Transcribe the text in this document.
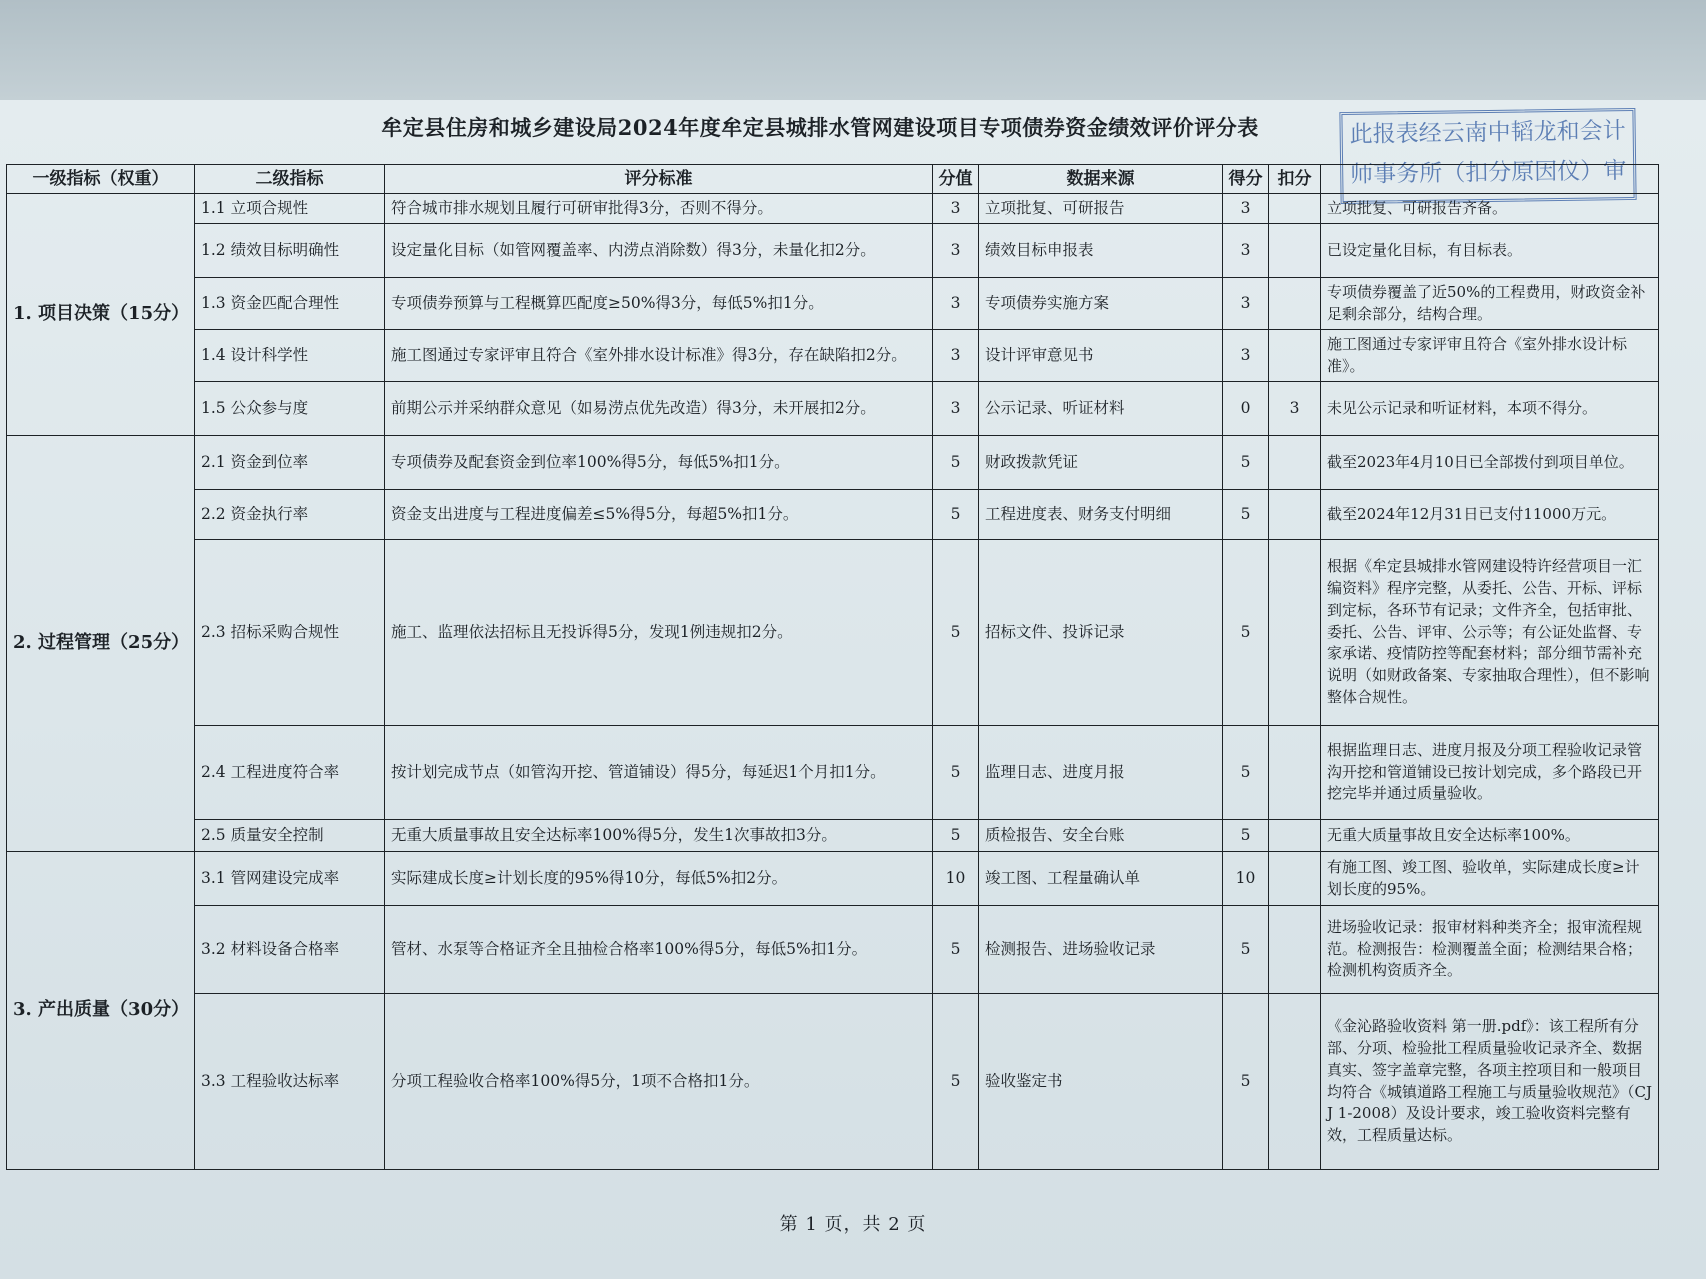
牟定县住房和城乡建设局2024年度牟定县城排水管网建设项目专项债券资金绩效评价评分表	此报表经云南中韬龙和会计
师事务所（扣分原因仪）审计
一级指标（权重）	二级指标	评分标准	分值	数据来源	得分	扣分	
1. 项目决策（15分）	1.1 立项合规性	符合城市排水规划且履行可研审批得3分，否则不得分。	3	立项批复、可研报告	3		立项批复、可研报告齐备。
	1.2 绩效目标明确性	设定量化目标（如管网覆盖率、内涝点消除数）得3分，未量化扣2分。	3	绩效目标申报表	3		已设定量化目标，有目标表。
	1.3 资金匹配合理性	专项债券预算与工程概算匹配度≥50%得3分，每低5%扣1分。	3	专项债券实施方案	3		专项债券覆盖了近50%的工程费用，财政资金补足剩余部分，结构合理。
	1.4 设计科学性	施工图通过专家评审且符合《室外排水设计标准》得3分，存在缺陷扣2分。	3	设计评审意见书	3		施工图通过专家评审且符合《室外排水设计标准》。
	1.5 公众参与度	前期公示并采纳群众意见（如易涝点优先改造）得3分，未开展扣2分。	3	公示记录、听证材料	0	3	未见公示记录和听证材料，本项不得分。
2. 过程管理（25分）	2.1 资金到位率	专项债券及配套资金到位率100%得5分，每低5%扣1分。	5	财政拨款凭证	5		截至2023年4月10日已全部拨付到项目单位。
	2.2 资金执行率	资金支出进度与工程进度偏差≤5%得5分，每超5%扣1分。	5	工程进度表、财务支付明细	5		截至2024年12月31日已支付11000万元。
	2.3 招标采购合规性	施工、监理依法招标且无投诉得5分，发现1例违规扣2分。	5	招标文件、投诉记录	5		根据《牟定县城排水管网建设特许经营项目一汇编资料》程序完整，从委托、公告、开标、评标到定标，各环节有记录；文件齐全，包括审批、委托、公告、评审、公示等；有公证处监督、专家承诺、疫情防控等配套材料；部分细节需补充说明（如财政备案、专家抽取合理性），但不影响整体合规性。
	2.4 工程进度符合率	按计划完成节点（如管沟开挖、管道铺设）得5分，每延迟1个月扣1分。	5	监理日志、进度月报	5		根据监理日志、进度月报及分项工程验收记录管沟开挖和管道铺设已按计划完成，多个路段已开挖完毕并通过质量验收。
	2.5 质量安全控制	无重大质量事故且安全达标率100%得5分，发生1次事故扣3分。	5	质检报告、安全台账	5		无重大质量事故且安全达标率100%。
3. 产出质量（30分）	3.1 管网建设完成率	实际建成长度≥计划长度的95%得10分，每低5%扣2分。	10	竣工图、工程量确认单	10		有施工图、竣工图、验收单，实际建成长度≥计划长度的95%。
	3.2 材料设备合格率	管材、水泵等合格证齐全且抽检合格率100%得5分，每低5%扣1分。	5	检测报告、进场验收记录	5		进场验收记录：报审材料种类齐全；报审流程规范。检测报告：检测覆盖全面；检测结果合格；检测机构资质齐全。
	3.3 工程验收达标率	分项工程验收合格率100%得5分，1项不合格扣1分。	5	验收鉴定书	5		《金沁路验收资料 第一册.pdf》：该工程所有分部、分项、检验批工程质量验收记录齐全、数据真实、签字盖章完整，各项主控项目和一般项目均符合《城镇道路工程施工与质量验收规范》（CJJ 1-2008）及设计要求，竣工验收资料完整有效，工程质量达标。
第 1 页，共 2 页
